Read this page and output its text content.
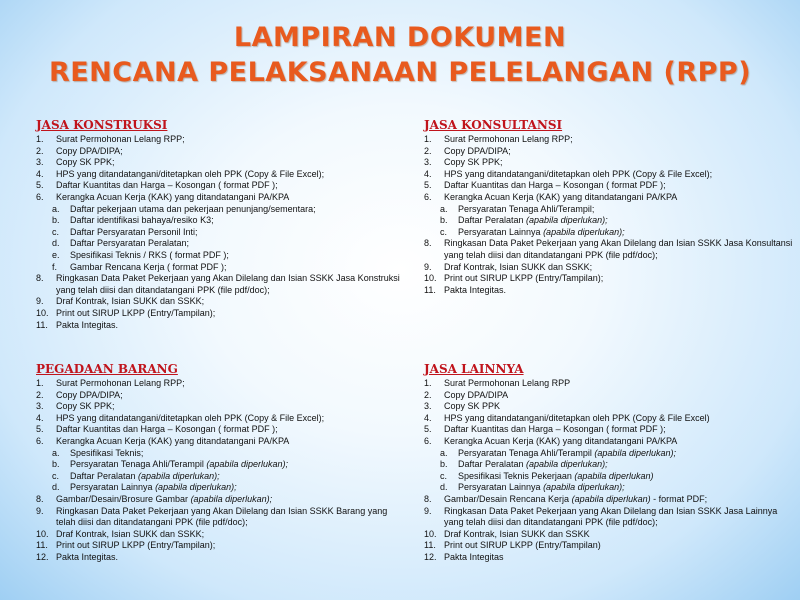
LAMPIRAN DOKUMEN
RENCANA PELAKSANAAN PELELANGAN (RPP)
JASA KONSTRUKSI
1. Surat Permohonan Lelang RPP;
2. Copy DPA/DIPA;
3. Copy SK PPK;
4. HPS yang ditandatangani/ditetapkan oleh PPK (Copy & File Excel);
5. Daftar Kuantitas dan Harga – Kosongan ( format PDF );
6. Kerangka Acuan Kerja (KAK) yang ditandatangani PA/KPA
a. Daftar pekerjaan utama dan pekerjaan penunjang/sementara;
b. Daftar identifikasi bahaya/resiko K3;
c. Daftar Persyaratan Personil Inti;
d. Daftar Persyaratan Peralatan;
e. Spesifikasi Teknis / RKS ( format PDF );
f. Gambar Rencana Kerja ( format PDF );
8. Ringkasan Data Paket Pekerjaan yang Akan Dilelang dan Isian SSKK Jasa Konstruksi yang telah diisi dan ditandatangani PPK (file pdf/doc);
9. Draf Kontrak, Isian SUKK dan SSKK;
10. Print out SIRUP LKPP (Entry/Tampilan);
11. Pakta Integitas.
JASA KONSULTANSI
1. Surat Permohonan Lelang RPP;
2. Copy DPA/DIPA;
3. Copy SK PPK;
4. HPS yang ditandatangani/ditetapkan oleh PPK (Copy & File Excel);
5. Daftar Kuantitas dan Harga – Kosongan ( format PDF );
6. Kerangka Acuan Kerja (KAK) yang ditandatangani PA/KPA
a. Persyaratan Tenaga Ahli/Terampil;
b. Daftar Peralatan (apabila diperlukan);
c. Persyaratan Lainnya (apabila diperlukan);
8. Ringkasan Data Paket Pekerjaan yang Akan Dilelang dan Isian SSKK Jasa Konsultansi yang telah diisi dan ditandatangani PPK (file pdf/doc);
9. Draf Kontrak, Isian SUKK dan SSKK;
10. Print out SIRUP LKPP (Entry/Tampilan);
11. Pakta Integitas.
PEGADAAN BARANG
1. Surat Permohonan Lelang RPP;
2. Copy DPA/DIPA;
3. Copy SK PPK;
4. HPS yang ditandatangani/ditetapkan oleh PPK (Copy & File Excel);
5. Daftar Kuantitas dan Harga – Kosongan ( format PDF );
6. Kerangka Acuan Kerja (KAK) yang ditandatangani PA/KPA
a. Spesifikasi Teknis;
b. Persyaratan Tenaga Ahli/Terampil (apabila diperlukan);
c. Daftar Peralatan (apabila diperlukan);
d. Persyaratan Lainnya (apabila diperlukan);
8. Gambar/Desain/Brosure Gambar (apabila diperlukan);
9. Ringkasan Data Paket Pekerjaan yang Akan Dilelang dan Isian SSKK Barang yang telah diisi dan ditandatangani PPK (file pdf/doc);
10. Draf Kontrak, Isian SUKK dan SSKK;
11. Print out SIRUP LKPP (Entry/Tampilan);
12. Pakta Integitas.
JASA LAINNYA
1. Surat Permohonan Lelang RPP
2. Copy DPA/DIPA
3. Copy SK PPK
4. HPS yang ditandatangani/ditetapkan oleh PPK (Copy & File Excel)
5. Daftar Kuantitas dan Harga – Kosongan ( format PDF );
6. Kerangka Acuan Kerja (KAK) yang ditandatangani PA/KPA
a. Persyaratan Tenaga Ahli/Terampil (apabila diperlukan);
b. Daftar Peralatan (apabila diperlukan);
c. Spesifikasi Teknis Pekerjaan (apabila diperlukan)
d. Persyaratan Lainnya (apabila diperlukan);
8. Gambar/Desain Rencana Kerja (apabila diperlukan) - format PDF;
9. Ringkasan Data Paket Pekerjaan yang Akan Dilelang dan Isian SSKK Jasa Lainnya yang telah diisi dan ditandatangani PPK (file pdf/doc);
10. Draf Kontrak, Isian SUKK dan SSKK
11. Print out SIRUP LKPP (Entry/Tampilan)
12. Pakta Integitas
